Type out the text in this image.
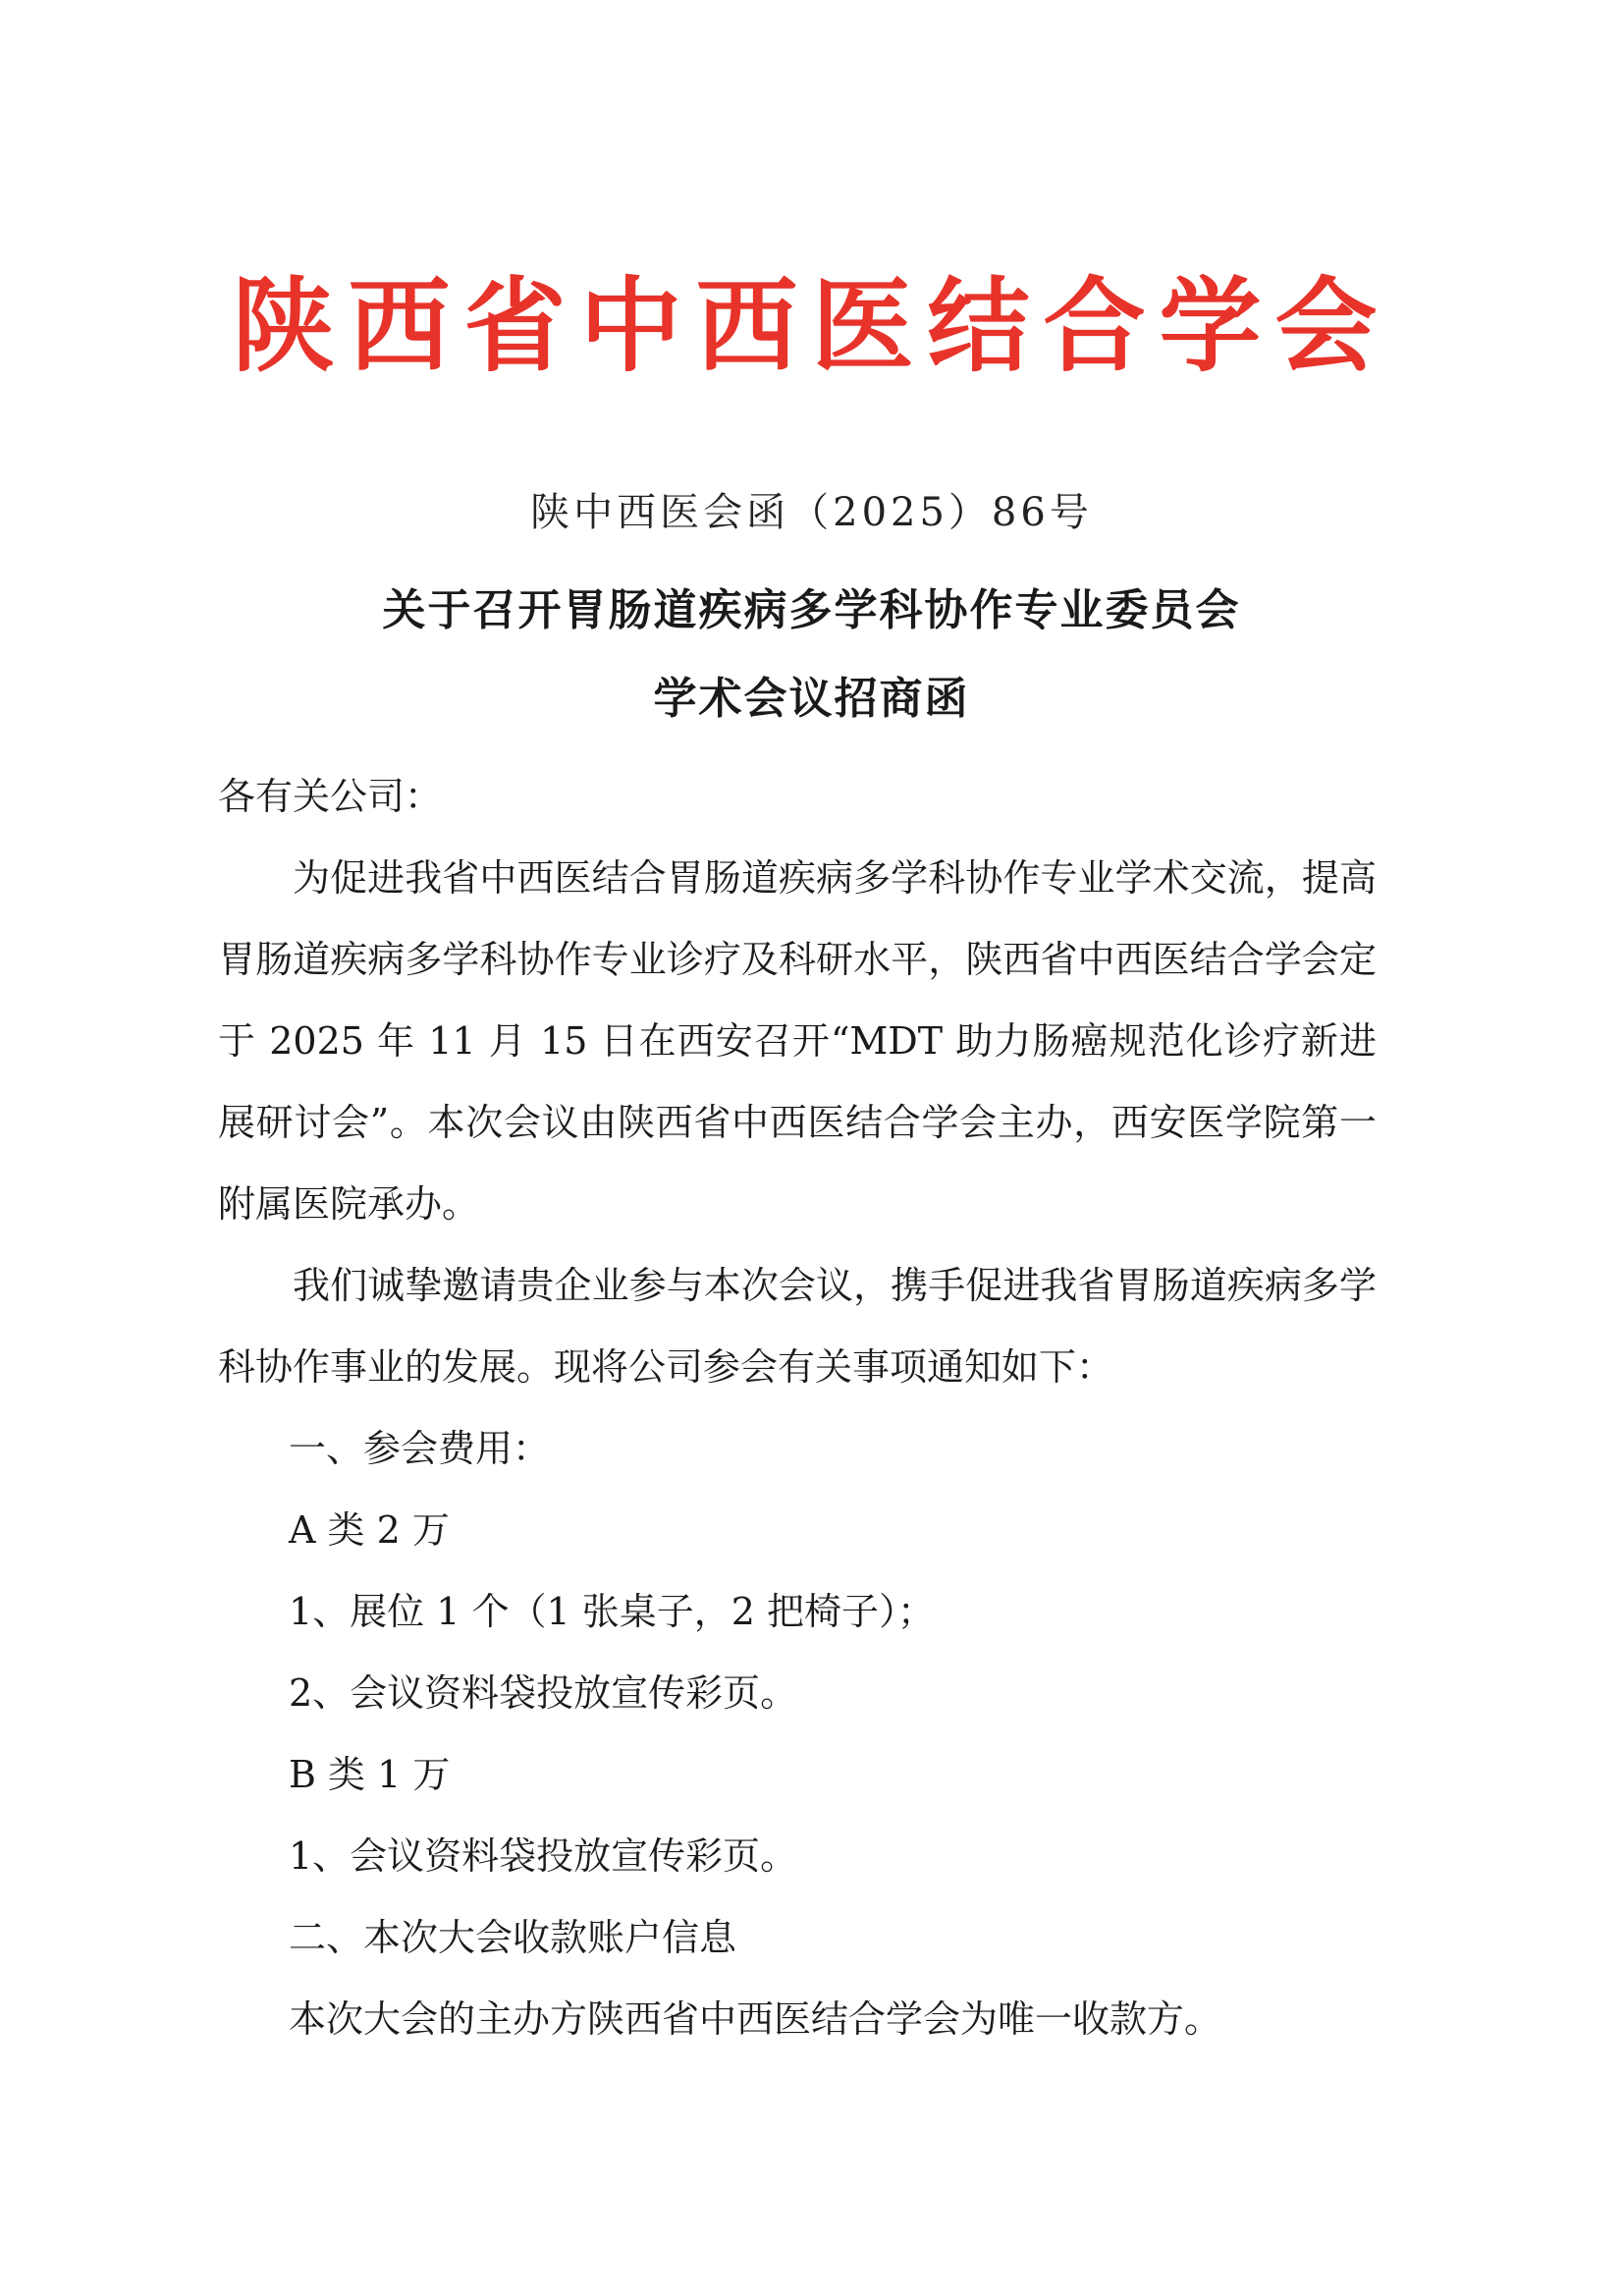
陕西省中西医结合学会
陕中西医会函（2025）86号
关于召开胃肠道疾病多学科协作专业委员会
学术会议招商函

各有关公司：

为促进我省中西医结合胃肠道疾病多学科协作专业学术交流，提高胃肠道疾病多学科协作专业诊疗及科研水平，陕西省中西医结合学会定于 2025 年 11 月 15 日在西安召开“MDT 助力肠癌规范化诊疗新进展研讨会”。本次会议由陕西省中西医结合学会主办，西安医学院第一附属医院承办。

我们诚挚邀请贵企业参与本次会议，携手促进我省胃肠道疾病多学科协作事业的发展。现将公司参会有关事项通知如下：

一、参会费用：

A 类 2 万

1、展位 1 个（1 张桌子，2 把椅子）；

2、会议资料袋投放宣传彩页。

B 类 1 万

1、会议资料袋投放宣传彩页。

二、本次大会收款账户信息

本次大会的主办方陕西省中西医结合学会为唯一收款方。
